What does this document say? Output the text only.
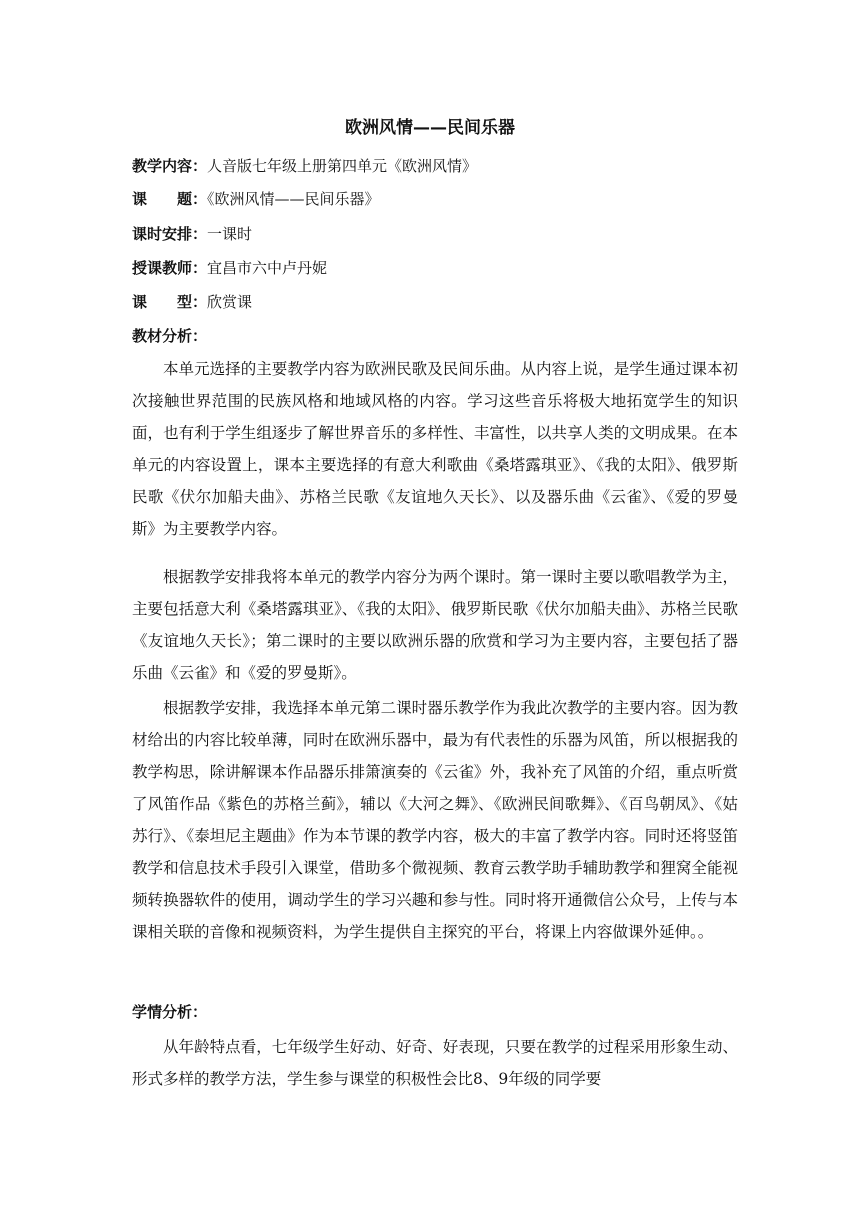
欧洲风情——民间乐器
教学内容：人音版七年级上册第四单元《欧洲风情》
课　　题：《欧洲风情——民间乐器》
课时安排：一课时
授课教师：宜昌市六中卢丹妮
课　　型：欣赏课
教材分析：

本单元选择的主要教学内容为欧洲民歌及民间乐曲。从内容上说，是学生通过课本初次接触世界范围的民族风格和地域风格的内容。学习这些音乐将极大地拓宽学生的知识面，也有利于学生组逐步了解世界音乐的多样性、丰富性，以共享人类的文明成果。在本单元的内容设置上，课本主要选择的有意大利歌曲《桑塔露琪亚》、《我的太阳》、俄罗斯民歌《伏尔加船夫曲》、苏格兰民歌《友谊地久天长》、以及器乐曲《云雀》、《爱的罗曼斯》为主要教学内容。

根据教学安排我将本单元的教学内容分为两个课时。第一课时主要以歌唱教学为主，主要包括意大利《桑塔露琪亚》、《我的太阳》、俄罗斯民歌《伏尔加船夫曲》、苏格兰民歌《友谊地久天长》；第二课时的主要以欧洲乐器的欣赏和学习为主要内容，主要包括了器乐曲《云雀》和《爱的罗曼斯》。

根据教学安排，我选择本单元第二课时器乐教学作为我此次教学的主要内容。因为教材给出的内容比较单薄，同时在欧洲乐器中，最为有代表性的乐器为风笛，所以根据我的教学构思，除讲解课本作品器乐排箫演奏的《云雀》外，我补充了风笛的介绍，重点听赏了风笛作品《紫色的苏格兰蓟》，辅以《大河之舞》、《欧洲民间歌舞》、《百鸟朝凤》、《姑苏行》、《泰坦尼主题曲》作为本节课的教学内容，极大的丰富了教学内容。同时还将竖笛教学和信息技术手段引入课堂，借助多个微视频、教育云教学助手辅助教学和狸窝全能视频转换器软件的使用，调动学生的学习兴趣和参与性。同时将开通微信公众号，上传与本课相关联的音像和视频资料，为学生提供自主探究的平台，将课上内容做课外延伸。。

学情分析：

从年龄特点看，七年级学生好动、好奇、好表现，只要在教学的过程采用形象生动、形式多样的教学方法，学生参与课堂的积极性会比8、9年级的同学要
